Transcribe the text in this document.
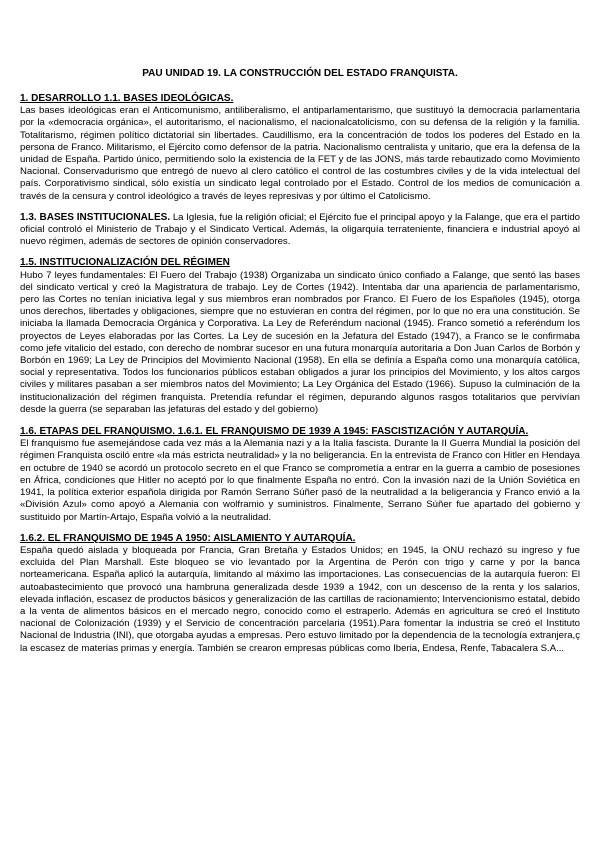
PAU UNIDAD 19. LA CONSTRUCCIÓN DEL ESTADO FRANQUISTA.
1. DESARROLLO 1.1. BASES IDEOLÓGICAS.
Las bases ideológicas eran el Anticomunismo, antiliberalismo, el antiparlamentarismo, que sustituyó la democracia parlamentaria por la «democracia orgánica», el autoritarismo, el nacionalismo, el nacionalcatolicismo, con su defensa de la religión y la familia. Totalitarismo, régimen político dictatorial sin libertades. Caudillismo, era la concentración de todos los poderes del Estado en la persona de Franco. Militarismo, el Ejército como defensor de la patria. Nacionalismo centralista y unitario, que era la defensa de la unidad de España. Partido único, permitiendo solo la existencia de la FET y de las JONS, más tarde rebautizado como Movimiento Nacional. Conservadurismo que entregó de nuevo al clero católico el control de las costumbres civiles y de la vida intelectual del país. Corporativismo sindical, sólo existía un sindicato legal controlado por el Estado. Control de los medios de comunicación a través de la censura y control ideológico a través de leyes represivas y por último el Catolicismo.
1.3. BASES INSTITUCIONALES. La Iglesia, fue la religión oficial; el Ejército fue el principal apoyo y la Falange, que era el partido oficial controló el Ministerio de Trabajo y el Sindicato Vertical. Además, la oligarquía terrateniente, financiera e industrial apoyó al nuevo régimen, además de sectores de opinión conservadores.
1.5. INSTITUCIONALIZACIÓN DEL RÉGIMEN
Hubo 7 leyes fundamentales: El Fuero del Trabajo (1938) Organizaba un sindicato único confiado a Falange, que sentó las bases del sindicato vertical y creó la Magistratura de trabajo. Ley de Cortes (1942). Intentaba dar una apariencia de parlamentarismo, pero las Cortes no tenían iniciativa legal y sus miembros eran nombrados por Franco. El Fuero de los Españoles (1945), otorga unos derechos, libertades y obligaciones, siempre que no estuvieran en contra del régimen, por lo que no era una constitución. Se iniciaba la llamada Democracia Orgánica y Corporativa. La Ley de Referéndum nacional (1945). Franco sometió a referéndum los proyectos de Leyes elaboradas por las Cortes. La Ley de sucesión en la Jefatura del Estado (1947), a Franco se le confirmaba como jefe vitalicio del estado, con derecho de nombrar sucesor en una futura monarquía autoritaria a Don Juan Carlos de Borbón y Borbón en 1969; La Ley de Principios del Movimiento Nacional (1958). En ella se definía a España como una monarquía católica, social y representativa. Todos los funcionarios públicos estaban obligados a jurar los principios del Movimiento, y los altos cargos civiles y militares pasaban a ser miembros natos del Movimiento; La Ley Orgánica del Estado (1966). Supuso la culminación de la institucionalización del régimen franquista. Pretendía refundar el régimen, depurando algunos rasgos totalitarios que pervivían desde la guerra (se separaban las jefaturas del estado y del gobierno)
1.6. ETAPAS DEL FRANQUISMO. 1.6.1. EL FRANQUISMO DE 1939 A 1945: FASCISTIZACIÓN Y AUTARQUÍA.
El franquismo fue asemejándose cada vez más a la Alemania nazi y a la Italia fascista. Durante la II Guerra Mundial la posición del régimen Franquista osciló entre «la más estricta neutralidad» y la no beligerancia. En la entrevista de Franco con Hitler en Hendaya en octubre de 1940 se acordó un protocolo secreto en el que Franco se comprometía a entrar en la guerra a cambio de posesiones en África, condiciones que Hitler no aceptó por lo que finalmente España no entró. Con la invasión nazi de la Unión Soviética en 1941, la política exterior española dirigida por Ramón Serrano Súñer pasó de la neutralidad a la beligerancia y Franco envió a la «División Azul» como apoyó a Alemania con wolframio y suministros. Finalmente, Serrano Súñer fue apartado del gobierno y sustituido por Martín-Artajo, España volvió a la neutralidad.
1.6.2. EL FRANQUISMO DE 1945 A 1950: AISLAMIENTO Y AUTARQUÍA.
España quedó aislada y bloqueada por Francia, Gran Bretaña y Estados Unidos; en 1945, la ONU rechazó su ingreso y fue excluida del Plan Marshall. Este bloqueo se vio levantado por la Argentina de Perón con trigo y carne y por la banca norteamericana. España aplicó la autarquía, limitando al máximo las importaciones. Las consecuencias de la autarquía fueron: El autoabastecimiento que provocó una hambruna generalizada desde 1939 a 1942, con un descenso de la renta y los salarios, elevada inflación, escasez de productos básicos y generalización de las cartillas de racionamiento; Intervencionismo estatal, debido a la venta de alimentos básicos en el mercado negro, conocido como el estraperlo. Además en agricultura se creó el Instituto nacional de Colonización (1939) y el Servicio de concentración parcelaria (1951).Para fomentar la industria se creó el Instituto Nacional de Industria (INI), que otorgaba ayudas a empresas. Pero estuvo limitado por la dependencia de la tecnología extranjera,ç la escasez de materias primas y energía. También se crearon empresas públicas como Iberia, Endesa, Renfe, Tabacalera S.A...
